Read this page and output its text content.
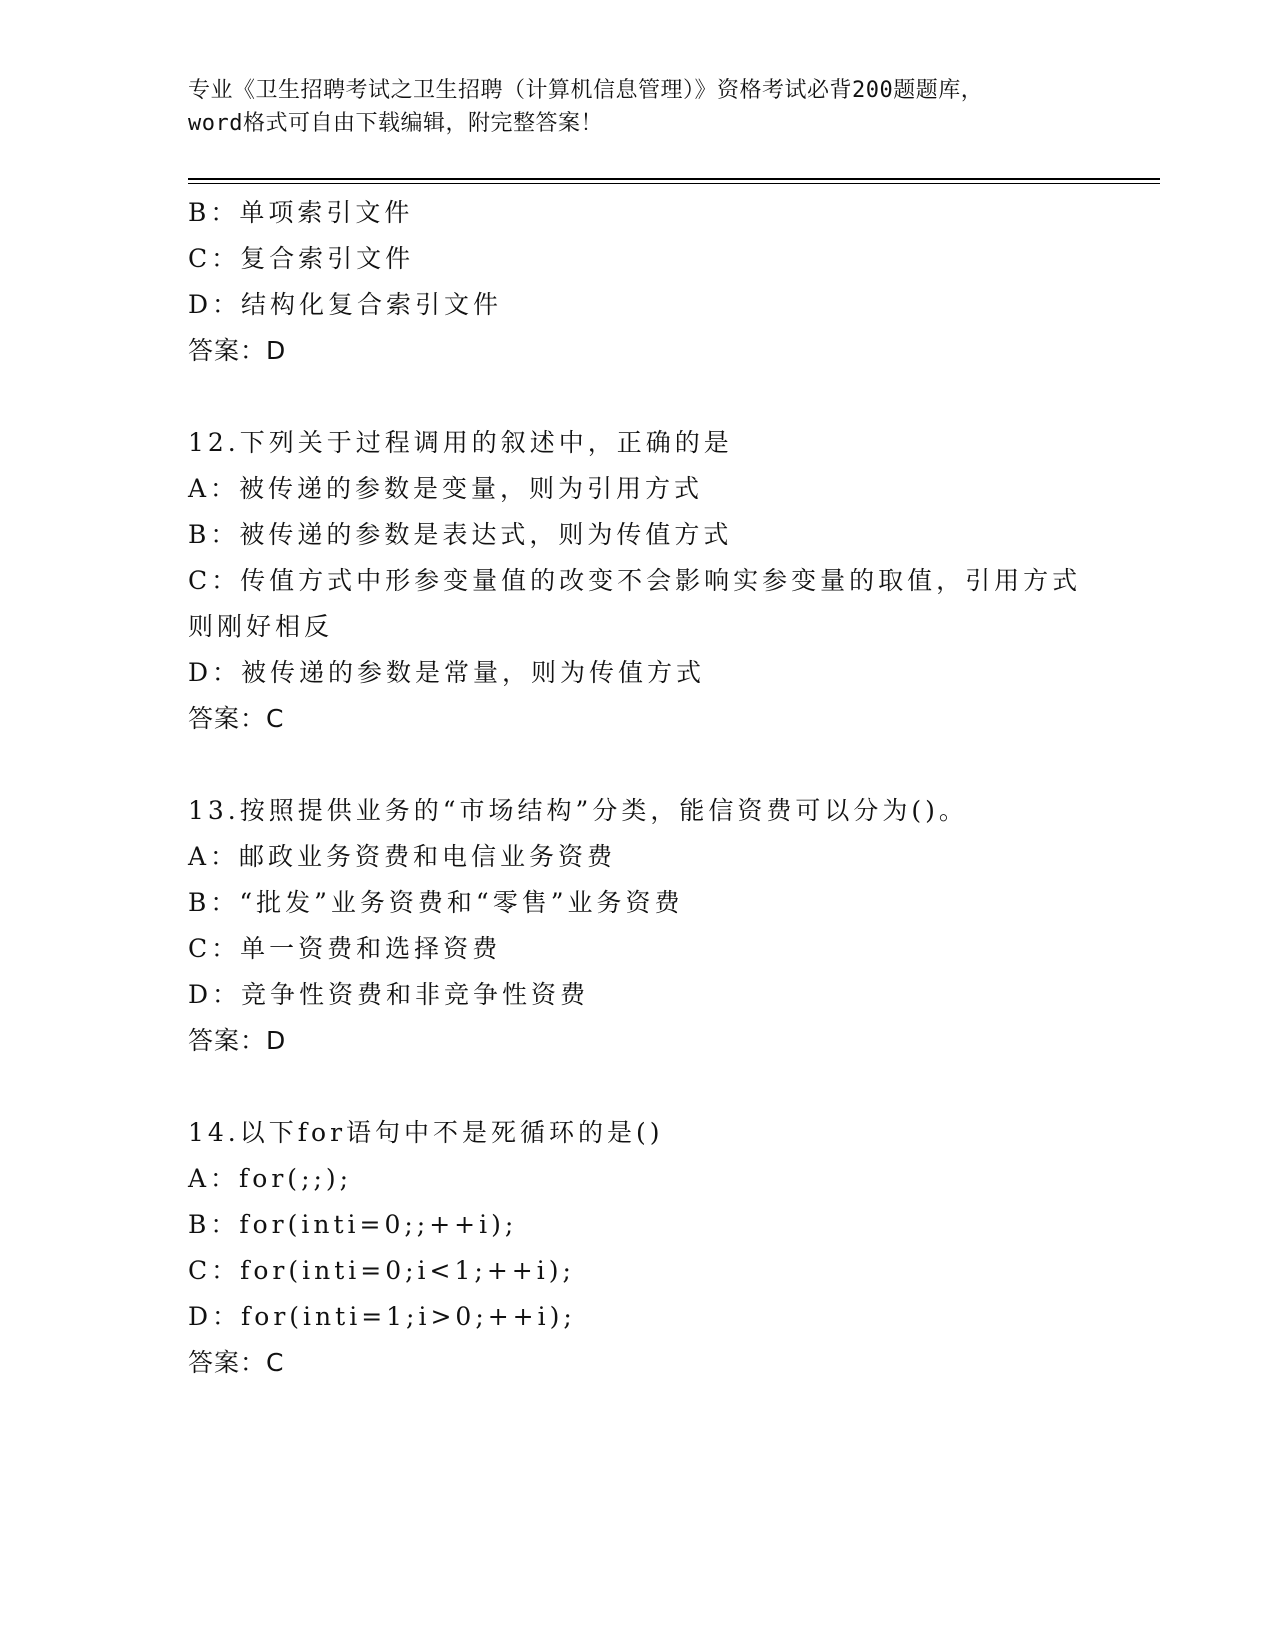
专业《卫生招聘考试之卫生招聘（计算机信息管理）》资格考试必背200题题库，
word格式可自由下载编辑，附完整答案！
B：单项索引文件
C：复合索引文件
D：结构化复合索引文件
答案：D
12.下列关于过程调用的叙述中，正确的是
A：被传递的参数是变量，则为引用方式
B：被传递的参数是表达式，则为传值方式
C：传值方式中形参变量值的改变不会影响实参变量的取值，引用方式
则刚好相反
D：被传递的参数是常量，则为传值方式
答案：C
13.按照提供业务的“市场结构”分类，能信资费可以分为()。
A：邮政业务资费和电信业务资费
B：“批发”业务资费和“零售”业务资费
C：单一资费和选择资费
D：竞争性资费和非竞争性资费
答案：D
14.以下for语句中不是死循环的是()
A：for(;;);
B：for(inti=0;;++i);
C：for(inti=0;i<1;++i);
D：for(inti=1;i>0;++i);
答案：C
